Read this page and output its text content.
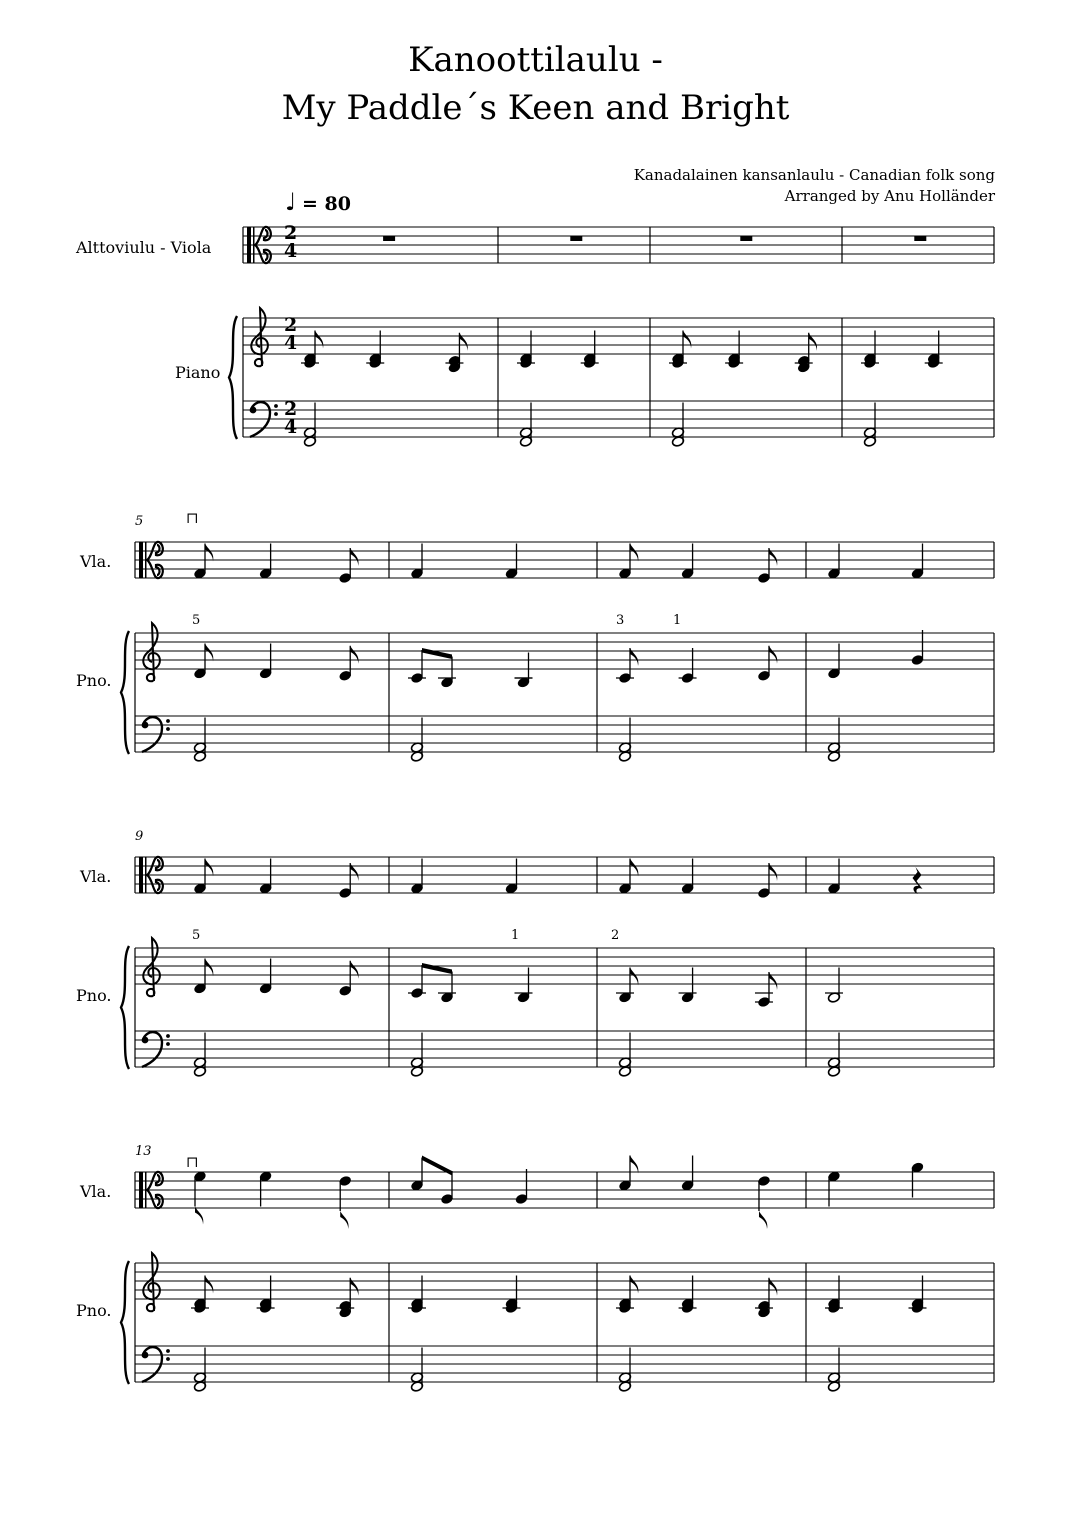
Kanoottilaulu -
My Paddle´s Keen and Bright
Kanadalainen kansanlaulu - Canadian folk song
Arranged by Anu Holländer
♩ = 80
Alttoviulu - Viola
Piano
Vla.
Pno.
Vla.
Pno.
Vla.
Pno.
5
9
13
2
4
2
4
2
4
⊓
⊓
5	3	1
5	1	2
